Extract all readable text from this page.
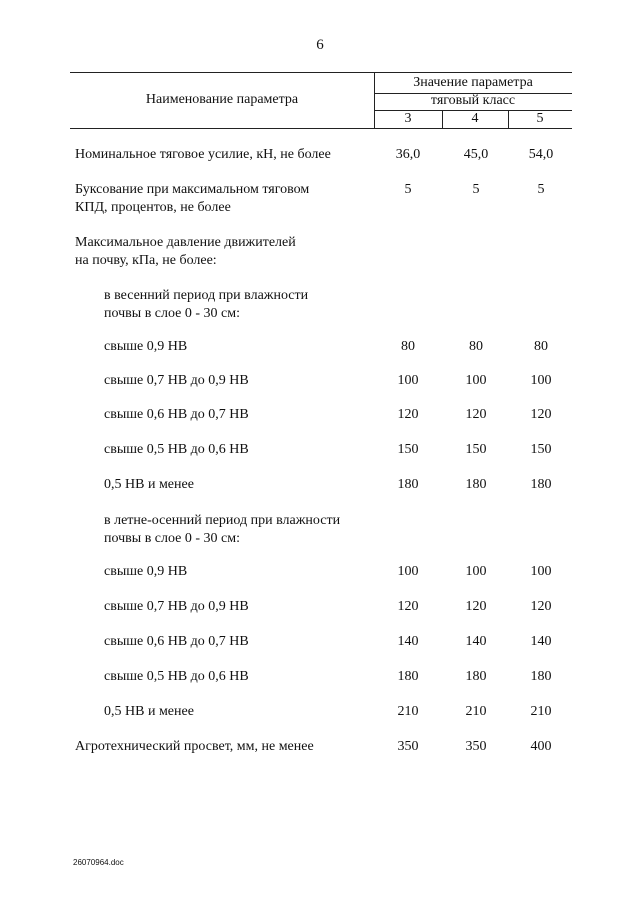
6
Наименование параметра
Значение параметра
тяговый класс
3	4	5
Номинальное тяговое усилие, кН, не более	36,0	45,0	54,0
Буксование при максимальном тяговом
КПД, процентов, не более
5	5	5
Максимальное давление движителей
на почву, кПа, не более:
в весенний период при влажности
почвы в слое 0 - 30 см:
свыше 0,9 НВ	80	80	80
свыше 0,7 НВ до 0,9 НВ	100	100	100
свыше 0,6 НВ до 0,7 НВ	120	120	120
свыше 0,5 НВ до 0,6 НВ	150	150	150
0,5 НВ и менее	180	180	180
в летне-осенний период при влажности
почвы в слое 0 - 30 см:
свыше 0,9 НВ	100	100	100
свыше 0,7 НВ до 0,9 НВ	120	120	120
свыше 0,6 НВ до 0,7 НВ	140	140	140
свыше 0,5 НВ до 0,6 НВ	180	180	180
0,5 НВ и менее	210	210	210
Агротехнический просвет, мм, не менее	350	350	400
26070964.doc
